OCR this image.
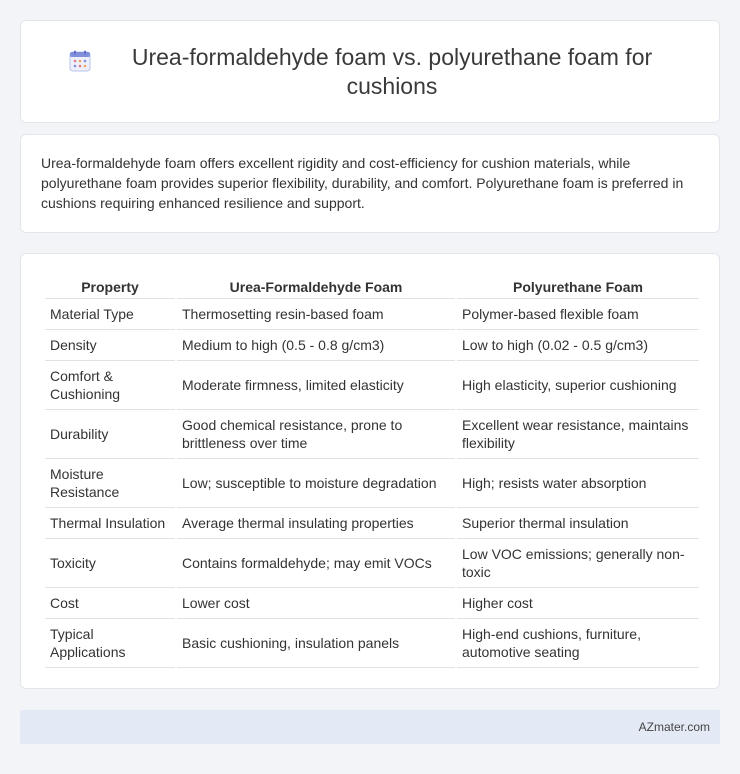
Urea-formaldehyde foam vs. polyurethane foam for cushions

Urea-formaldehyde foam offers excellent rigidity and cost-efficiency for cushion materials, while polyurethane foam provides superior flexibility, durability, and comfort. Polyurethane foam is preferred in cushions requiring enhanced resilience and support.

Property	Urea-Formaldehyde Foam	Polyurethane Foam
Material Type	Thermosetting resin-based foam	Polymer-based flexible foam
Density	Medium to high (0.5 - 0.8 g/cm3)	Low to high (0.02 - 0.5 g/cm3)
Comfort & Cushioning	Moderate firmness, limited elasticity	High elasticity, superior cushioning
Durability	Good chemical resistance, prone to brittleness over time	Excellent wear resistance, maintains flexibility
Moisture Resistance	Low; susceptible to moisture degradation	High; resists water absorption
Thermal Insulation	Average thermal insulating properties	Superior thermal insulation
Toxicity	Contains formaldehyde; may emit VOCs	Low VOC emissions; generally non-toxic
Cost	Lower cost	Higher cost
Typical Applications	Basic cushioning, insulation panels	High-end cushions, furniture, automotive seating
AZmater.com
